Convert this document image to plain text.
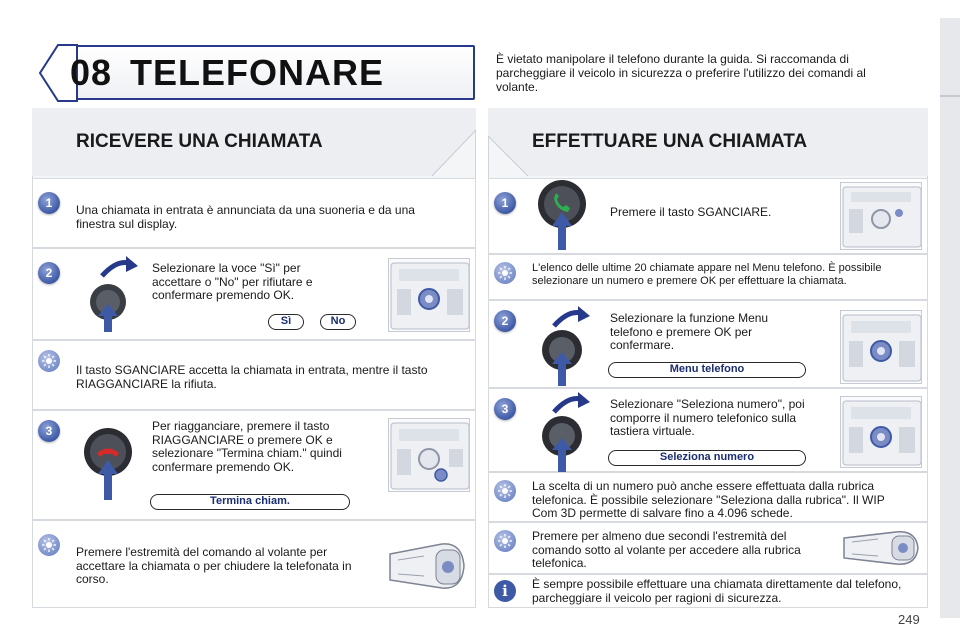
08 TELEFONARE	È vietato manipolare il telefono durante la guida. Si raccomanda di parcheggiare il veicolo in sicurezza o preferire l'utilizzo dei comandi al volante.
RICEVERE UNA CHIAMATA
1	Una chiamata in entrata è annunciata da una suoneria e da una finestra sul display.
2	Selezionare la voce "Sì" per accettare o "No" per rifiutare e confermare premendo OK.
Sì	No
Il tasto SGANCIARE accetta la chiamata in entrata, mentre il tasto RIAGGANCIARE la rifiuta.
3	Per riagganciare, premere il tasto RIAGGANCIARE o premere OK e selezionare "Termina chiam." quindi confermare premendo OK.
Termina chiam.
Premere l'estremità del comando al volante per accettare la chiamata o per chiudere la telefonata in corso.
EFFETTUARE UNA CHIAMATA
1
Premere il tasto SGANCIARE.
L'elenco delle ultime 20 chiamate appare nel Menu telefono. È possibile selezionare un numero e premere OK per effettuare la chiamata.
2	Selezionare la funzione Menu telefono e premere OK per confermare.
Menu telefono
3	Selezionare "Seleziona numero", poi comporre il numero telefonico sulla tastiera virtuale.
Seleziona numero
La scelta di un numero può anche essere effettuata dalla rubrica telefonica. È possibile selezionare "Seleziona dalla rubrica". Il WIP Com 3D permette di salvare fino a 4.096 schede.
Premere per almeno due secondi l'estremità del comando sotto al volante per accedere alla rubrica telefonica.
i	È sempre possibile effettuare una chiamata direttamente dal telefono, parcheggiare il veicolo per ragioni di sicurezza.
249
